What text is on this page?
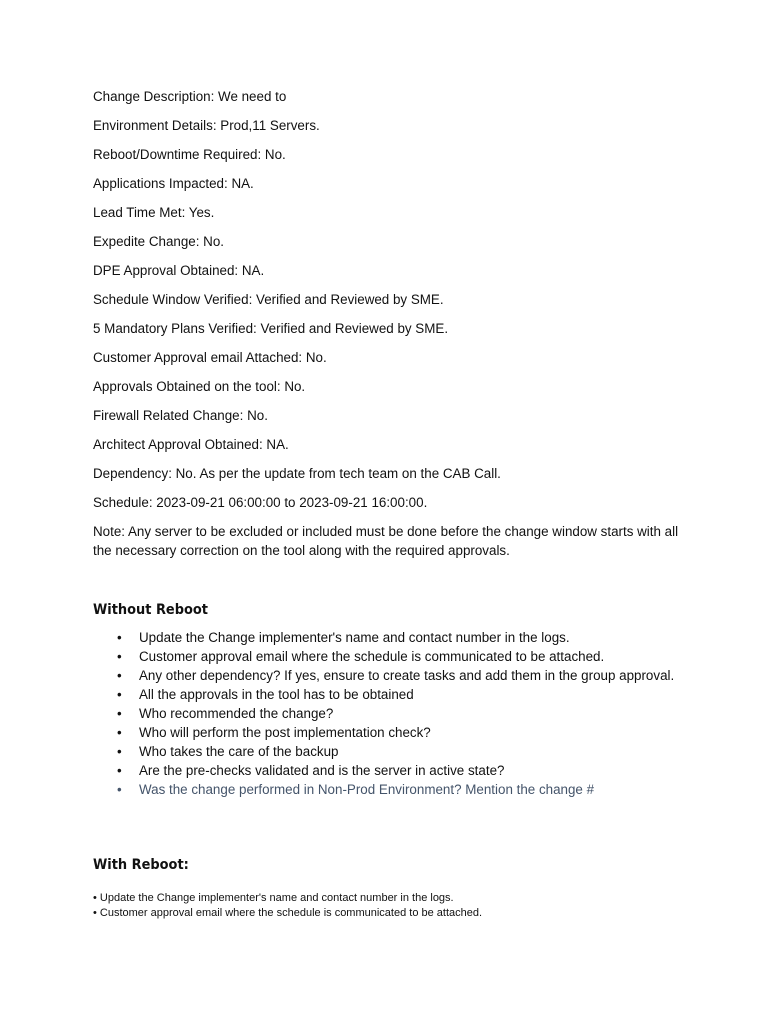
Change Description: We need to

Environment Details: Prod,11 Servers.

Reboot/Downtime Required: No.

Applications Impacted: NA.

Lead Time Met: Yes.

Expedite Change: No.

DPE Approval Obtained: NA.

Schedule Window Verified: Verified and Reviewed by SME.

5 Mandatory Plans Verified: Verified and Reviewed by SME.

Customer Approval email Attached: No.

Approvals Obtained on the tool: No.

Firewall Related Change: No.

Architect Approval Obtained: NA.

Dependency: No. As per the update from tech team on the CAB Call.

Schedule: 2023-09-21 06:00:00 to 2023-09-21 16:00:00.

Note: Any server to be excluded or included must be done before the change window starts with all the necessary correction on the tool along with the required approvals.

Without Reboot
• Update the Change implementer's name and contact number in the logs.
• Customer approval email where the schedule is communicated to be attached.
• Any other dependency? If yes, ensure to create tasks and add them in the group approval.
• All the approvals in the tool has to be obtained
• Who recommended the change?
• Who will perform the post implementation check?
• Who takes the care of the backup
• Are the pre-checks validated and is the server in active state?
• Was the change performed in Non-Prod Environment? Mention the change #
With Reboot:

• Update the Change implementer's name and contact number in the logs.

• Customer approval email where the schedule is communicated to be attached.
